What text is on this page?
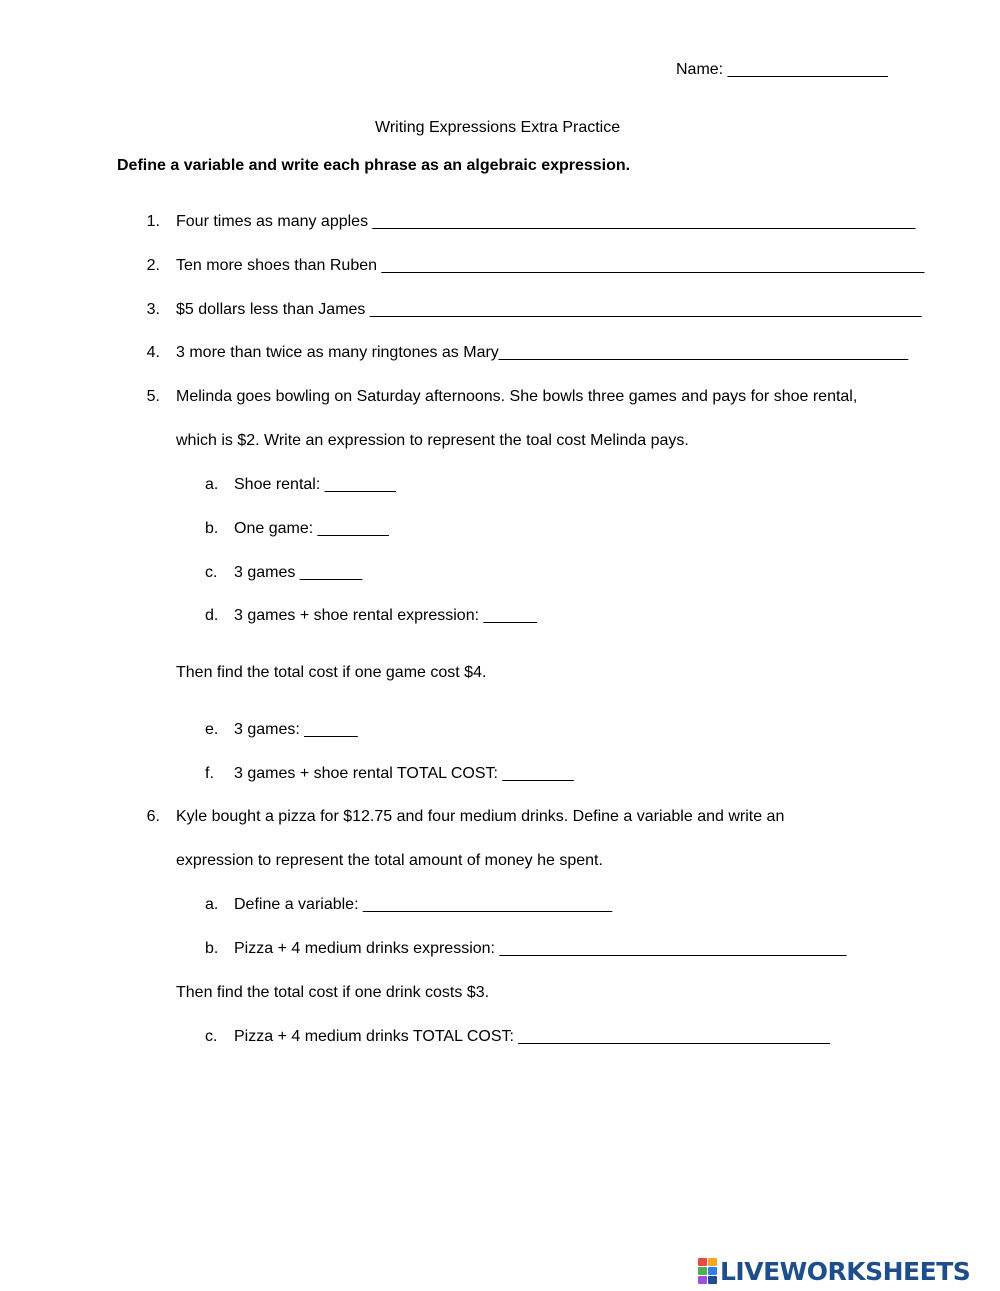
Name: __________________
Writing Expressions Extra Practice
Define a variable and write each phrase as an algebraic expression.
1. Four times as many apples _____________________________________________________________
2. Ten more shoes than Ruben _____________________________________________________________
3. $5 dollars less than James ______________________________________________________________
4. 3 more than twice as many ringtones as Mary______________________________________________
5. Melinda goes bowling on Saturday afternoons. She bowls three games and pays for shoe rental,
which is $2. Write an expression to represent the toal cost Melinda pays.
a. Shoe rental: ________
b. One game: ________
c. 3 games _______
d. 3 games + shoe rental expression: ______
Then find the total cost if one game cost $4.
e. 3 games: ______
f. 3 games + shoe rental TOTAL COST: ________
6. Kyle bought a pizza for $12.75 and four medium drinks. Define a variable and write an
expression to represent the total amount of money he spent.
a. Define a variable: ____________________________
b. Pizza + 4 medium drinks expression: _______________________________________
Then find the total cost if one drink costs $3.
c. Pizza + 4 medium drinks TOTAL COST: ___________________________________
LIVEWORKSHEETS
